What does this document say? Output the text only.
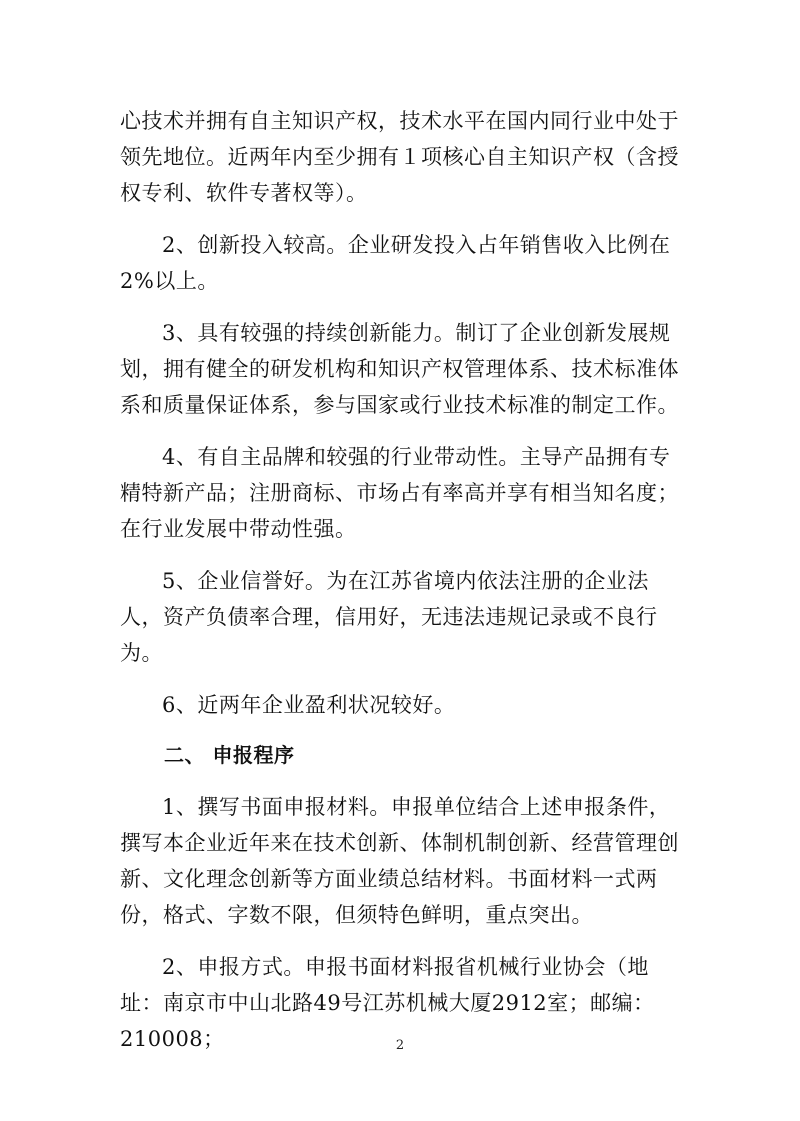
心技术并拥有自主知识产权，技术水平在国内同行业中处于领先地位。近两年内至少拥有１项核心自主知识产权（含授权专利、软件专著权等）。

2、创新投入较高。企业研发投入占年销售收入比例在2%以上。

3、具有较强的持续创新能力。制订了企业创新发展规划，拥有健全的研发机构和知识产权管理体系、技术标准体系和质量保证体系，参与国家或行业技术标准的制定工作。

4、有自主品牌和较强的行业带动性。主导产品拥有专精特新产品；注册商标、市场占有率高并享有相当知名度；在行业发展中带动性强。

5、企业信誉好。为在江苏省境内依法注册的企业法人，资产负债率合理，信用好，无违法违规记录或不良行为。

6、近两年企业盈利状况较好。

二、 申报程序

1、撰写书面申报材料。申报单位结合上述申报条件，撰写本企业近年来在技术创新、体制机制创新、经营管理创新、文化理念创新等方面业绩总结材料。书面材料一式两份，格式、字数不限，但须特色鲜明，重点突出。

2、申报方式。申报书面材料报省机械行业协会（地址：南京市中山北路49号江苏机械大厦2912室；邮编：210008；	2
